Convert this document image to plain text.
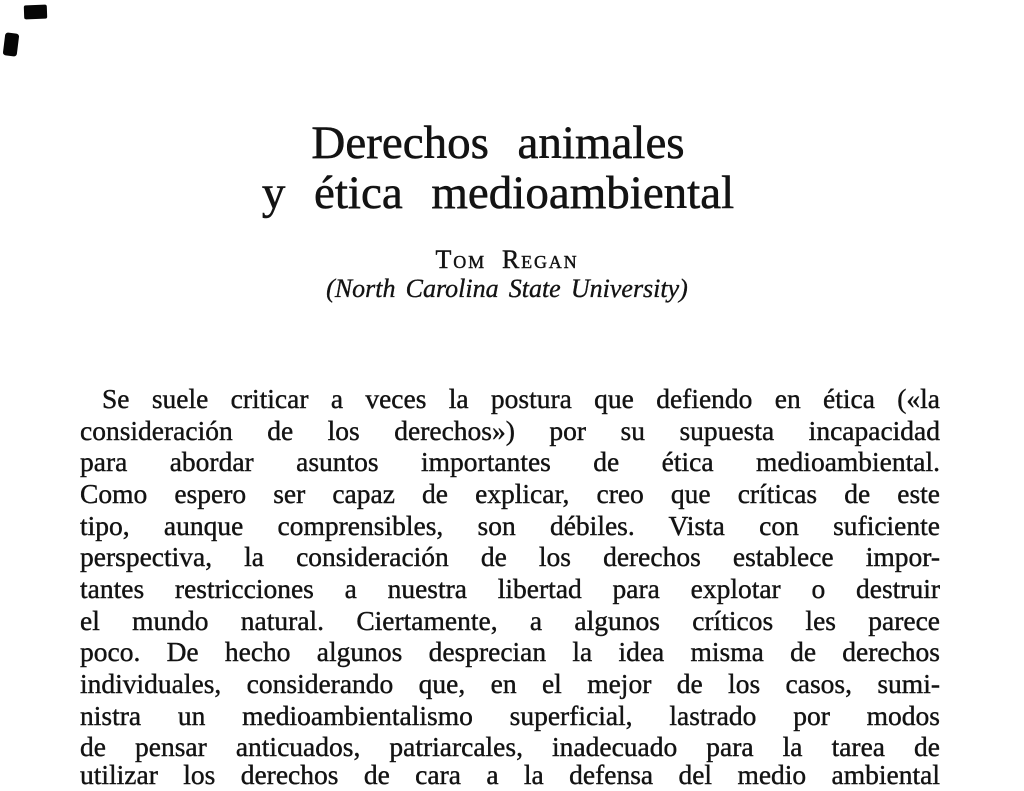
Derechos animales
y ética medioambiental
Tom Regan
(North Carolina State University)
Se suele criticar a veces la postura que defiendo en ética («la
consideración de los derechos») por su supuesta incapacidad
para abordar asuntos importantes de ética medioambiental.
Como espero ser capaz de explicar, creo que críticas de este
tipo, aunque comprensibles, son débiles. Vista con suficiente
perspectiva, la consideración de los derechos establece impor-
tantes restricciones a nuestra libertad para explotar o destruir
el mundo natural. Ciertamente, a algunos críticos les parece
poco. De hecho algunos desprecian la idea misma de derechos
individuales, considerando que, en el mejor de los casos, sumi-
nistra un medioambientalismo superficial, lastrado por modos
de pensar anticuados, patriarcales, inadecuado para la tarea de
utilizar los derechos de cara a la defensa del medio ambiental
